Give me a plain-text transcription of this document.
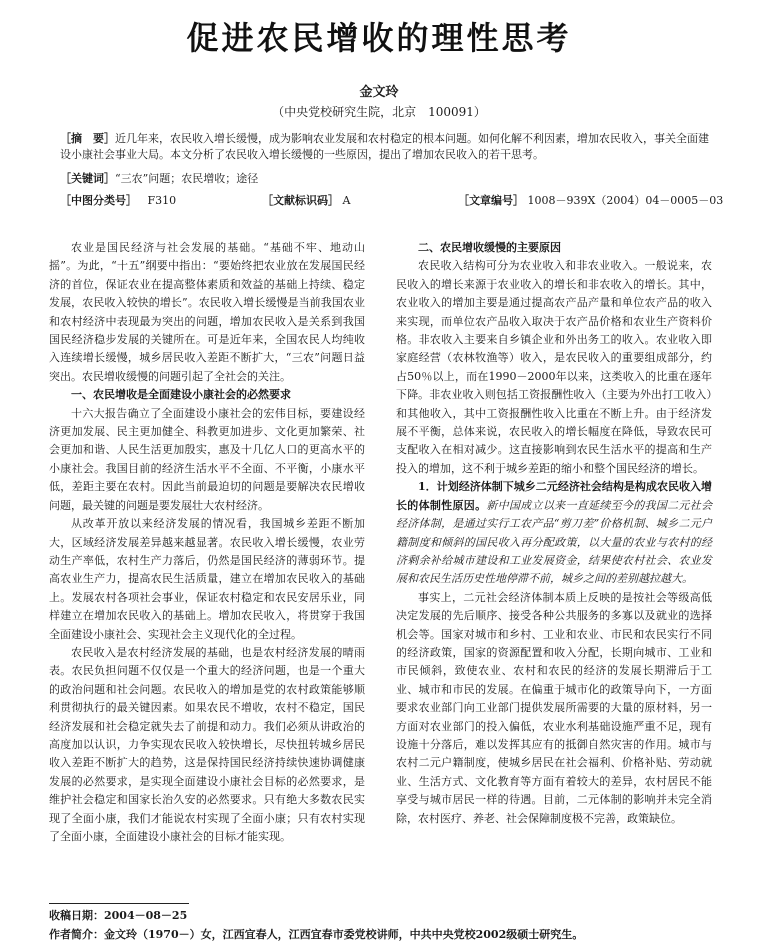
促进农民增收的理性思考
金文玲
（中央党校研究生院，北京　100091）
［摘　要］近几年来，农民收入增长缓慢，成为影响农业发展和农村稳定的根本问题。如何化解不利因素，增加农民收入，事关全面建设小康社会事业大局。本文分析了农民收入增长缓慢的一些原因，提出了增加农民收入的若干思考。
［关键词］“三农”问题；农民增收；途径
［中图分类号］ F310	［文献标识码］ A	［文章编号］ 1008－939X（2004）04－0005－03

农业是国民经济与社会发展的基础。“基础不牢、地动山摇”。为此，“十五”纲要中指出：“要始终把农业放在发展国民经济的首位，保证农业在提高整体素质和效益的基础上持续、稳定发展，农民收入较快的增长”。农民收入增长缓慢是当前我国农业和农村经济中表现最为突出的问题，增加农民收入是关系到我国国民经济稳步发展的关键所在。可是近年来，全国农民人均纯收入连续增长缓慢，城乡居民收入差距不断扩大，“三农”问题日益突出。农民增收缓慢的问题引起了全社会的关注。

一、农民增收是全面建设小康社会的必然要求

十六大报告确立了全面建设小康社会的宏伟目标，要建设经济更加发展、民主更加健全、科教更加进步、文化更加繁荣、社会更加和谐、人民生活更加殷实，惠及十几亿人口的更高水平的小康社会。我国目前的经济生活水平不全面、不平衡，小康水平低，差距主要在农村。因此当前最迫切的问题是要解决农民增收问题，最关键的问题是要发展壮大农村经济。

从改革开放以来经济发展的情况看，我国城乡差距不断加大，区域经济发展差异越来越显著。农民收入增长缓慢，农业劳动生产率低，农村生产力落后，仍然是国民经济的薄弱环节。提高农业生产力，提高农民生活质量，建立在增加农民收入的基础上。发展农村各项社会事业，保证农村稳定和农民安居乐业，同样建立在增加农民收入的基础上。增加农民收入，将贯穿于我国全面建设小康社会、实现社会主义现代化的全过程。

农民收入是农村经济发展的基础，也是农村经济发展的晴雨表。农民负担问题不仅仅是一个重大的经济问题，也是一个重大的政治问题和社会问题。农民收入的增加是党的农村政策能够顺利贯彻执行的最关键因素。如果农民不增收，农村不稳定，国民经济发展和社会稳定就失去了前提和动力。我们必须从讲政治的高度加以认识，力争实现农民收入较快增长，尽快扭转城乡居民收入差距不断扩大的趋势，这是保持国民经济持续快速协调健康发展的必然要求，是实现全面建设小康社会目标的必然要求，是维护社会稳定和国家长治久安的必然要求。只有绝大多数农民实现了全面小康，我们才能说农村实现了全面小康；只有农村实现了全面小康，全面建设小康社会的目标才能实现。

二、农民增收缓慢的主要原因

农民收入结构可分为农业收入和非农业收入。一般说来，农民收入的增长来源于农业收入的增长和非农收入的增长。其中，农业收入的增加主要是通过提高农产品产量和单位农产品的收入来实现，而单位农产品收入取决于农产品价格和农业生产资料价格。非农收入主要来自乡镇企业和外出务工的收入。农业收入即家庭经营（农林牧渔等）收入，是农民收入的重要组成部分，约占50％以上，而在1990－2000年以来，这类收入的比重在逐年下降。非农业收入则包括工资报酬性收入（主要为外出打工收入）和其他收入，其中工资报酬性收入比重在不断上升。由于经济发展不平衡，总体来说，农民收入的增长幅度在降低，导致农民可支配收入在相对减少。这直接影响到农民生活水平的提高和生产投入的增加，这不利于城乡差距的缩小和整个国民经济的增长。

1．计划经济体制下城乡二元经济社会结构是构成农民收入增长的体制性原因。新中国成立以来一直延续至今的我国二元社会经济体制，是通过实行工农产品“剪刀差”价格机制、城乡二元户籍制度和倾斜的国民收入再分配政策，以大量的农业与农村的经济剩余补给城市建设和工业发展资金，结果使农村社会、农业发展和农民生活历史性地停滞不前，城乡之间的差别越拉越大。

事实上，二元社会经济体制本质上反映的是按社会等级高低决定发展的先后顺序、接受各种公共服务的多寡以及就业的选择机会等。国家对城市和乡村、工业和农业、市民和农民实行不同的经济政策，国家的资源配置和收入分配，长期向城市、工业和市民倾斜，致使农业、农村和农民的经济的发展长期滞后于工业、城市和市民的发展。在偏重于城市化的政策导向下，一方面要求农业部门向工业部门提供发展所需要的大量的原材料，另一方面对农业部门的投入偏低，农业水利基础设施严重不足，现有设施十分落后，难以发挥其应有的抵御自然灾害的作用。城市与农村二元户籍制度，使城乡居民在社会福利、价格补贴、劳动就业、生活方式、文化教育等方面有着较大的差异，农村居民不能享受与城市居民一样的待遇。目前，二元体制的影响并未完全消除，农村医疗、养老、社会保障制度极不完善，政策缺位。

收稿日期：2004－08－25
作者简介：金文玲（1970－）女，江西宜春人，江西宜春市委党校讲师，中共中央党校2002级硕士研究生。
